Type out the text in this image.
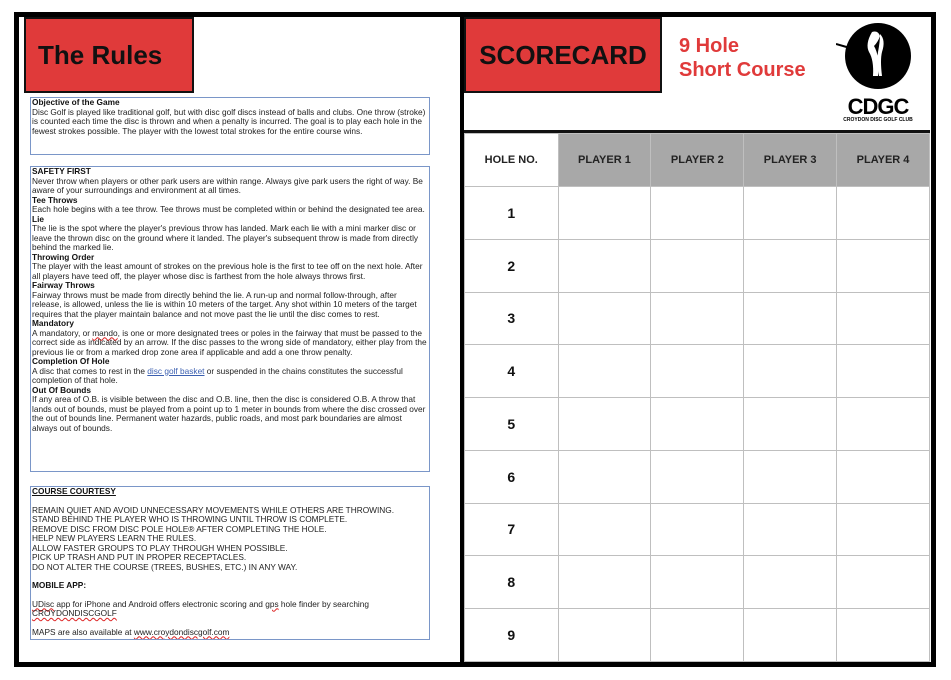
The Rules

Objective of the Game

Disc Golf is played like traditional golf, but with disc golf discs instead of balls and clubs. One throw (stroke) is counted each time the disc is thrown and when a penalty is incurred. The goal is to play each hole in the fewest strokes possible. The player with the lowest total strokes for the entire course wins.

SAFETY FIRST

Never throw when players or other park users are within range. Always give park users the right of way. Be aware of your surroundings and environment at all times.

Tee Throws

Each hole begins with a tee throw. Tee throws must be completed within or behind the designated tee area.

Lie

The lie is the spot where the player's previous throw has landed. Mark each lie with a mini marker disc or leave the thrown disc on the ground where it landed. The player's subsequent throw is made from directly behind the marked lie.

Throwing Order

The player with the least amount of strokes on the previous hole is the first to tee off on the next hole. After all players have teed off, the player whose disc is farthest from the hole always throws first.

Fairway Throws

Fairway throws must be made from directly behind the lie. A run-up and normal follow-through, after release, is allowed, unless the lie is within 10 meters of the target. Any shot within 10 meters of the target requires that the player maintain balance and not move past the lie until the disc comes to rest.

Mandatory

A mandatory, or mando, is one or more designated trees or poles in the fairway that must be passed to the correct side as indicated by an arrow. If the disc passes to the wrong side of mandatory, either play from the previous lie or from a marked drop zone area if applicable and add a one throw penalty.

Completion Of Hole

A disc that comes to rest in the disc golf basket or suspended in the chains constitutes the successful completion of that hole.

Out Of Bounds

If any area of O.B. is visible between the disc and O.B. line, then the disc is considered O.B. A throw that lands out of bounds, must be played from a point up to 1 meter in bounds from where the disc crossed over the out of bounds line. Permanent water hazards, public roads, and most park boundaries are almost always out of bounds.

COURSE COURTESY

REMAIN QUIET AND AVOID UNNECESSARY MOVEMENTS WHILE OTHERS ARE THROWING.

STAND BEHIND THE PLAYER WHO IS THROWING UNTIL THROW IS COMPLETE.

REMOVE DISC FROM DISC POLE HOLE® AFTER COMPLETING THE HOLE.

HELP NEW PLAYERS LEARN THE RULES.

ALLOW FASTER GROUPS TO PLAY THROUGH WHEN POSSIBLE.

PICK UP TRASH AND PUT IN PROPER RECEPTACLES.

DO NOT ALTER THE COURSE (TREES, BUSHES, ETC.) IN ANY WAY.

MOBILE APP:

UDisc app for iPhone and Android offers electronic scoring and gps hole finder by searching CROYDONDISCGOLF

MAPS are also available at www.croydondiscgolf.com

SCORECARD	9 Hole
Short Course
CDGC
CROYDON DISC GOLF CLUB
HOLE NO.	PLAYER 1	PLAYER 2	PLAYER 3	PLAYER 4
1				
2				
3				
4				
5				
6				
7				
8				
9				
